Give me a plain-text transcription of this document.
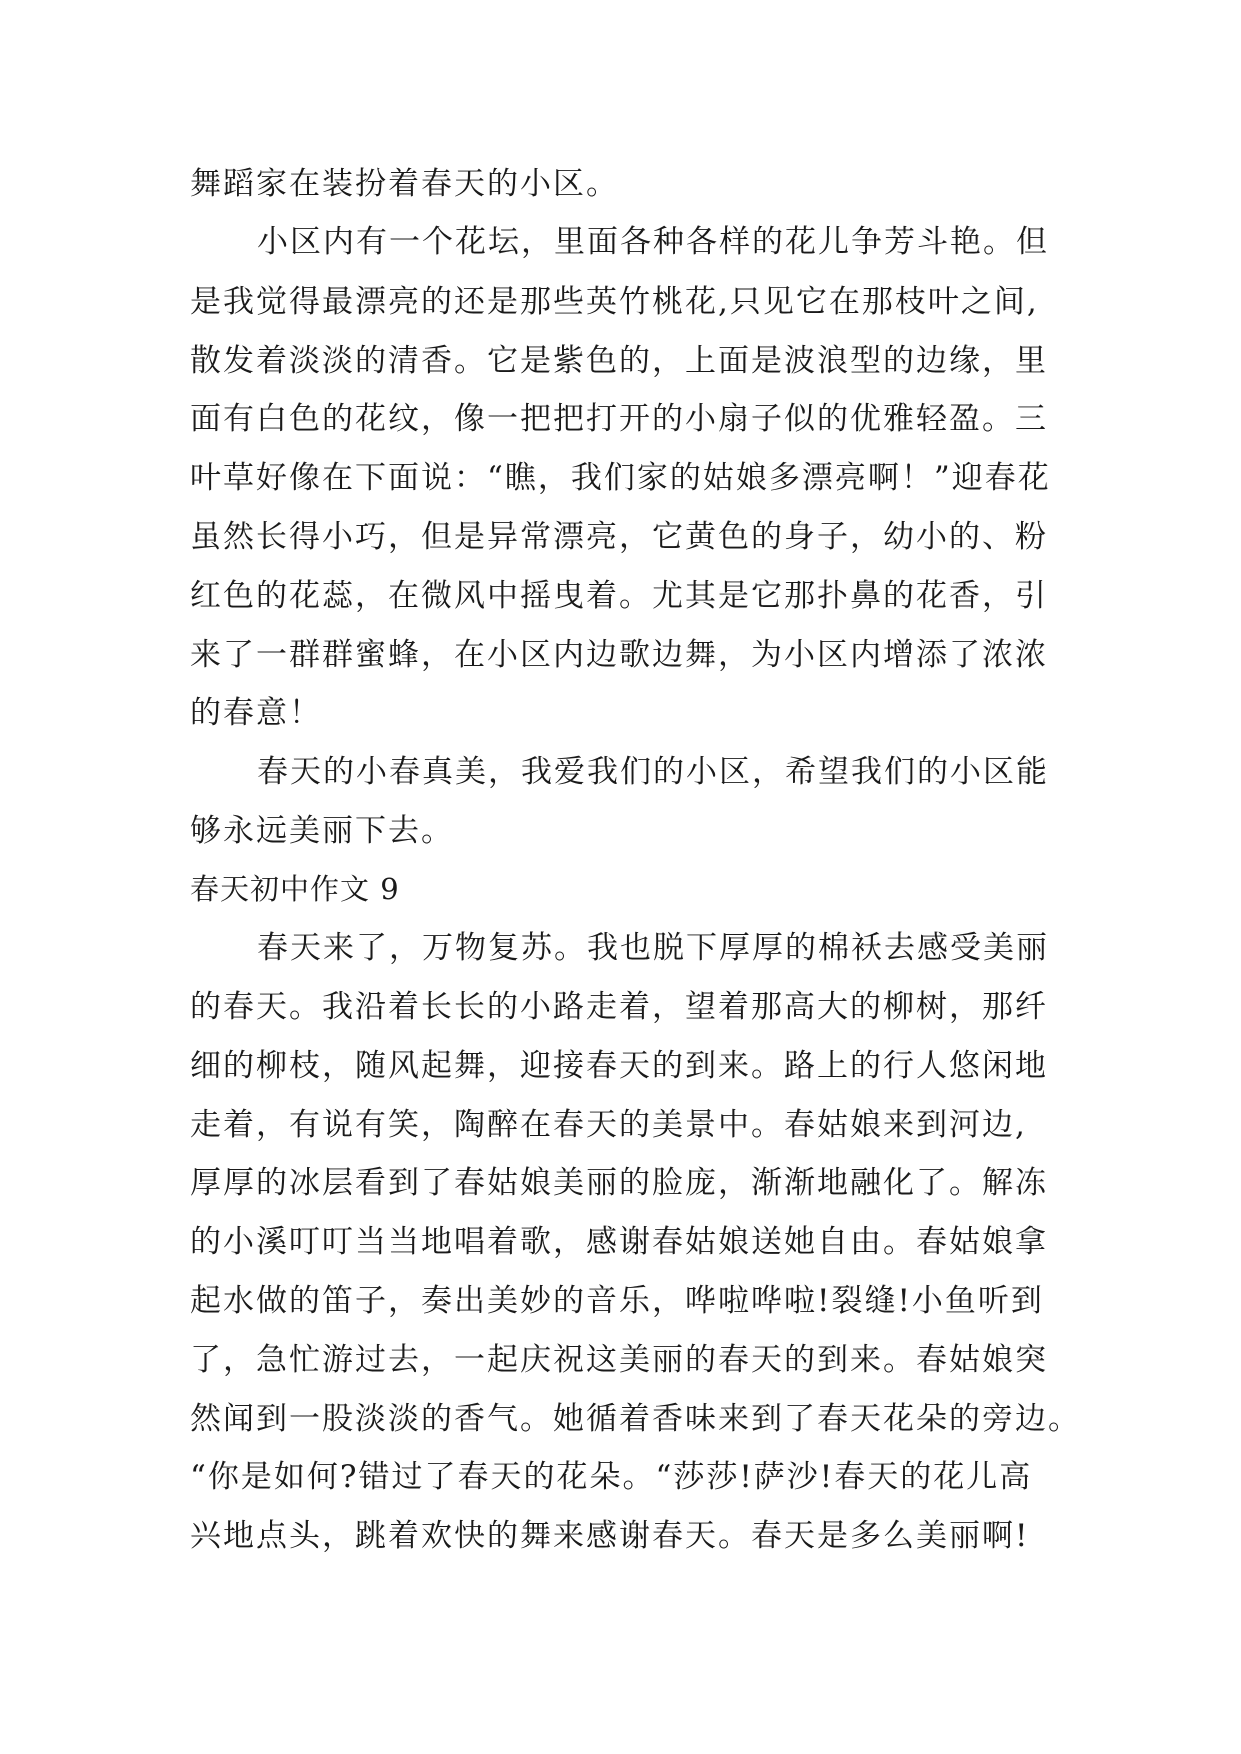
舞蹈家在装扮着春天的小区。
小区内有一个花坛，里面各种各样的花儿争芳斗艳。但
是我觉得最漂亮的还是那些英竹桃花,只见它在那枝叶之间,
散发着淡淡的清香。它是紫色的，上面是波浪型的边缘，里
面有白色的花纹，像一把把打开的小扇子似的优雅轻盈。三
叶草好像在下面说：“瞧，我们家的姑娘多漂亮啊！”迎春花
虽然长得小巧，但是异常漂亮，它黄色的身子，幼小的、粉
红色的花蕊，在微风中摇曳着。尤其是它那扑鼻的花香，引
来了一群群蜜蜂，在小区内边歌边舞，为小区内增添了浓浓
的春意！
春天的小春真美，我爱我们的小区，希望我们的小区能
够永远美丽下去。
春天初中作文 9
春天来了，万物复苏。我也脱下厚厚的棉袄去感受美丽
的春天。我沿着长长的小路走着，望着那高大的柳树，那纤
细的柳枝，随风起舞，迎接春天的到来。路上的行人悠闲地
走着，有说有笑，陶醉在春天的美景中。春姑娘来到河边,
厚厚的冰层看到了春姑娘美丽的脸庞，渐渐地融化了。解冻
的小溪叮叮当当地唱着歌，感谢春姑娘送她自由。春姑娘拿
起水做的笛子，奏出美妙的音乐，哗啦哗啦!裂缝!小鱼听到
了，急忙游过去，一起庆祝这美丽的春天的到来。春姑娘突
然闻到一股淡淡的香气。她循着香味来到了春天花朵的旁边。
“你是如何?错过了春天的花朵。“莎莎!萨沙!春天的花儿高
兴地点头，跳着欢快的舞来感谢春天。春天是多么美丽啊!
